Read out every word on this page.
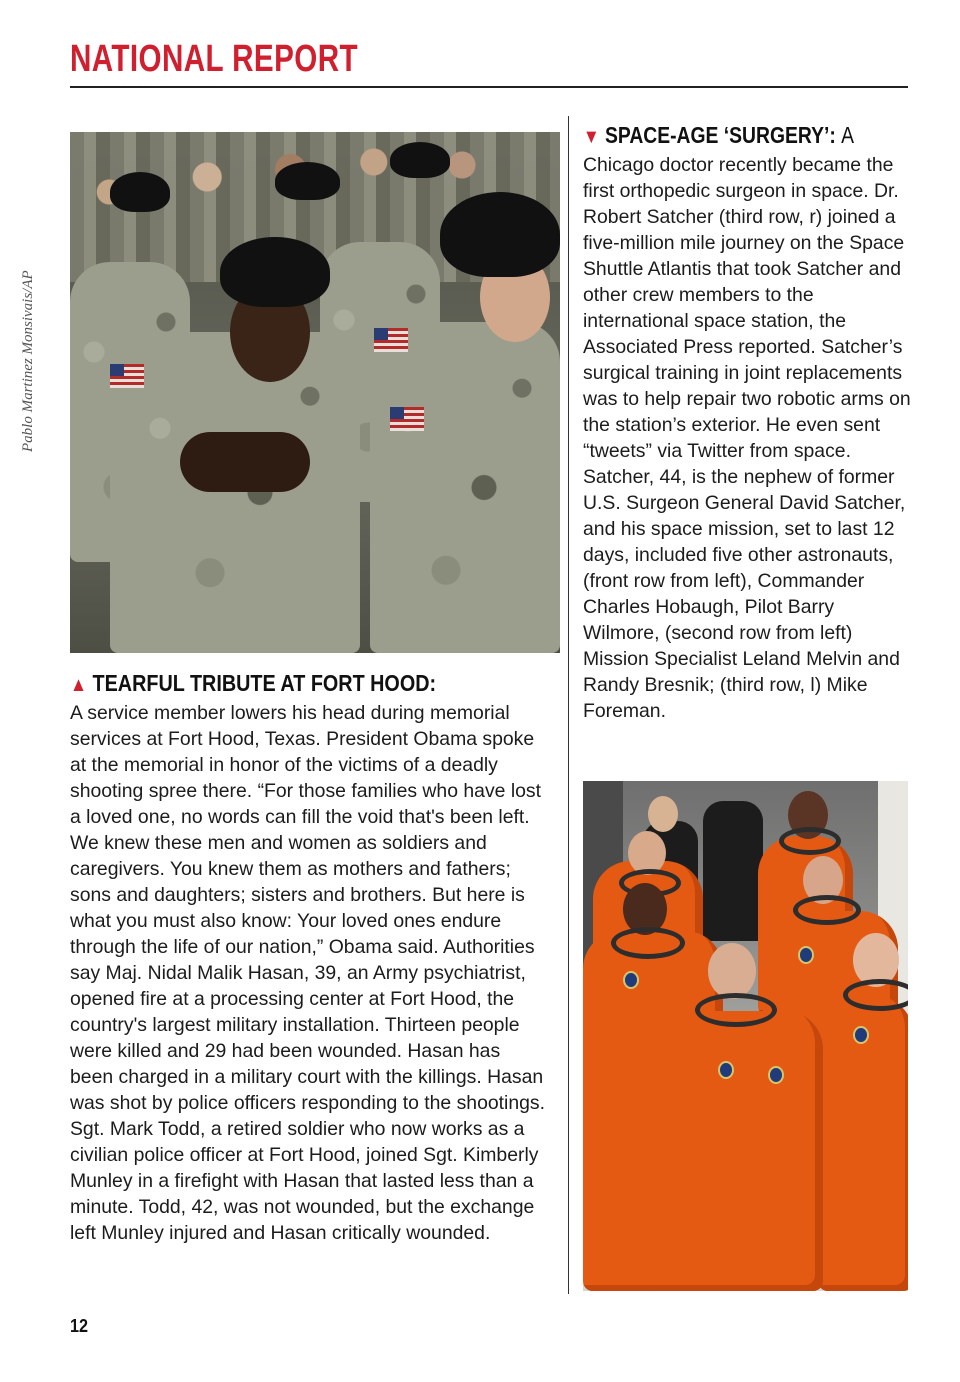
NATIONAL REPORT
Pablo Martinez Monsivais/AP
▲ TEARFUL TRIBUTE AT FORT HOOD:

A service member lowers his head during memorial services at Fort Hood, Texas. President Obama spoke at the memorial in honor of the victims of a deadly shooting spree there. “For those families who have lost a loved one, no words can fill the void that's been left. We knew these men and women as soldiers and caregivers. You knew them as mothers and fathers; sons and daughters; sisters and brothers. But here is what you must also know: Your loved ones endure through the life of our nation,” Obama said. Authorities say Maj. Nidal Malik Hasan, 39, an Army psychiatrist, opened fire at a processing center at Fort Hood, the country's largest military installation. Thirteen people were killed and 29 had been wounded. Hasan has been charged in a military court with the killings. Hasan was shot by police officers responding to the shootings. Sgt. Mark Todd, a retired soldier who now works as a civilian police officer at Fort Hood, joined Sgt. Kimberly Munley in a firefight with Hasan that lasted less than a minute. Todd, 42, was not wounded, but the exchange left Munley injured and Hasan critically wounded.

▼ SPACE-AGE ‘SURGERY’: A

Chicago doctor recently became the first orthopedic surgeon in space. Dr. Robert Satcher (third row, r) joined a five-million mile journey on the Space Shuttle Atlantis that took Satcher and other crew members to the international space station, the Associated Press reported. Satcher’s surgical training in joint replacements was to help repair two robotic arms on the station’s exterior. He even sent “tweets” via Twitter from space. Satcher, 44, is the nephew of former U.S. Surgeon General David Satcher, and his space mission, set to last 12 days, included five other astronauts, (front row from left), Commander Charles Hobaugh, Pilot Barry Wilmore, (second row from left) Mission Specialist Leland Melvin and Randy Bresnik; (third row, l) Mike Foreman.

12
